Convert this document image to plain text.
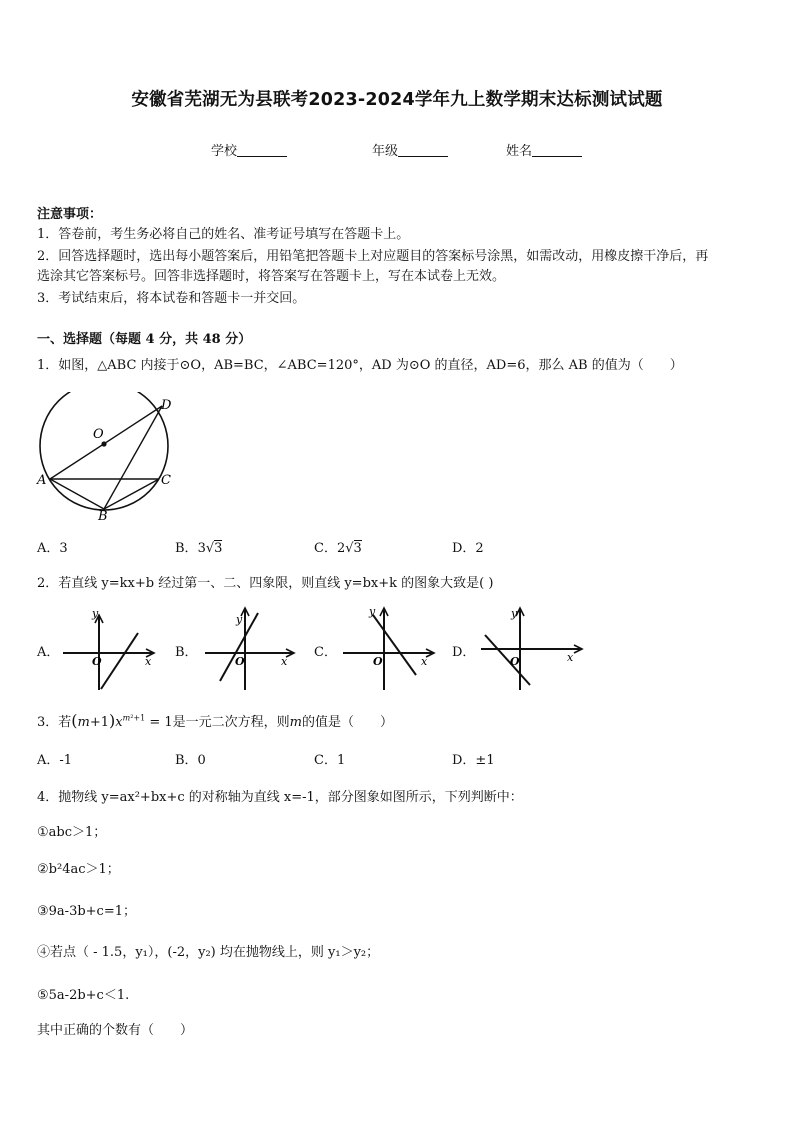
安徽省芜湖无为县联考2023-2024学年九上数学期末达标测试试题
学校	年级	姓名
注意事项：
1．答卷前，考生务必将自己的姓名、准考证号填写在答题卡上。
2．回答选择题时，选出每小题答案后，用铅笔把答题卡上对应题目的答案标号涂黑，如需改动，用橡皮擦干净后，再
选涂其它答案标号。回答非选择题时，将答案写在答题卡上，写在本试卷上无效。
3．考试结束后，将本试卷和答题卡一并交回。
一、选择题（每题 4 分，共 48 分）
1．如图，△ABC 内接于⊙O，AB=BC，∠ABC=120°，AD 为⊙O 的直径，AD=6，那么 AB 的值为（　　）
O
D
A	C
B
A．3	B．3√3	C．2√3	D．2
2．若直线 y=kx+b 经过第一、二、四象限，则直线 y=bx+k 的图象大致是( )
A．
y
x
O
B．
y
x
O
C．
y
x
O
D．
y
x
O
3．若$(m+1)x^{m^2+1} = 1$是一元二次方程，则m的值是（　　）
A．-1	B．0	C．1	D．±1
4．抛物线 y=ax²+bx+c 的对称轴为直线 x=-1，部分图象如图所示，下列判断中：
①abc＞1；
②b²4ac＞1；
③9a-3b+c=1；
④若点（ - 1.5，y₁），(-2，y₂) 均在抛物线上，则 y₁＞y₂；
⑤5a-2b+c＜1.
其中正确的个数有（　　）
